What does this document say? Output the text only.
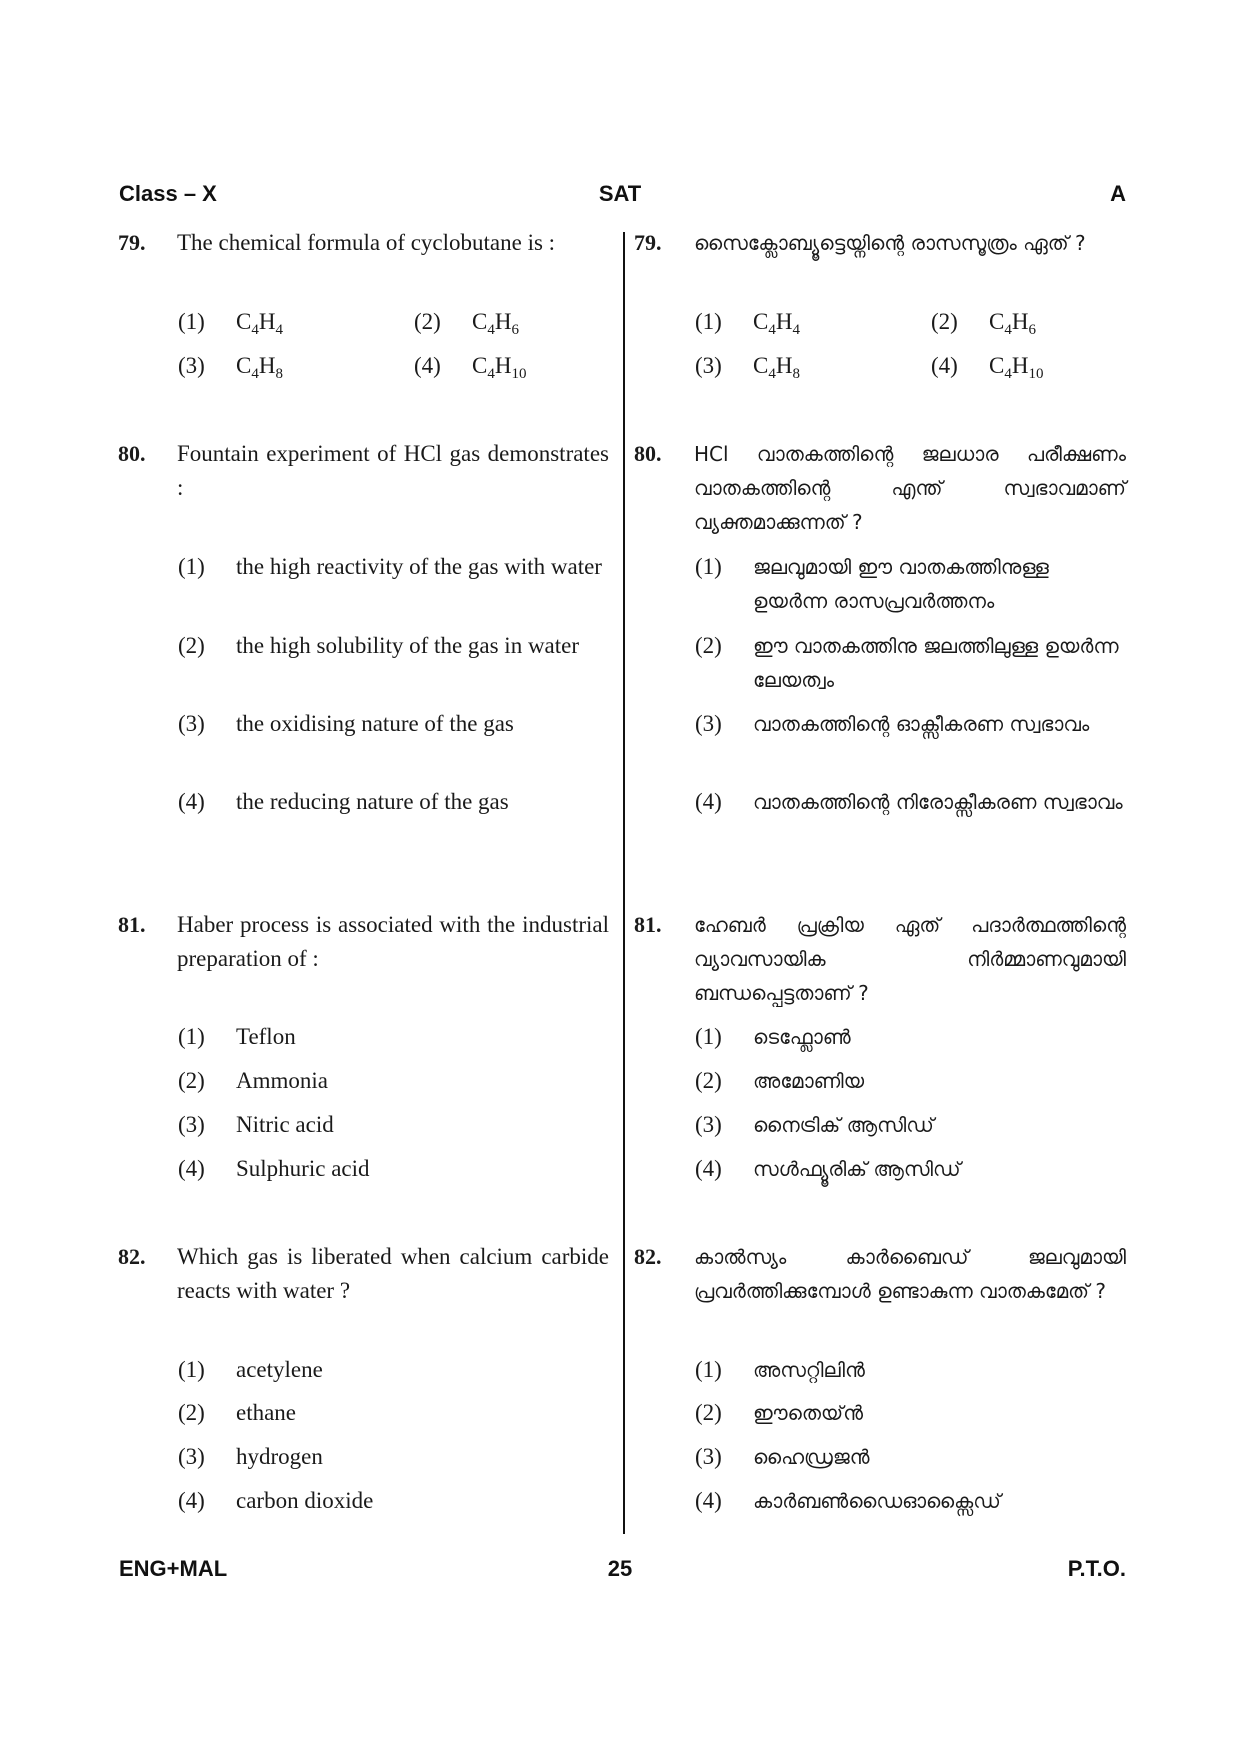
Class – X	SAT	A
79. The chemical formula of cyclobutane is :
(1) $C_4H_4$	(2) $C_4H_6$
(3) $C_4H_8$	(4) $C_4H_{10}$
79. സൈക്ലോബ്യൂട്ടെയ്നിന്റെ രാസസൂത്രം ഏത് ?
(1) $C_4H_4$	(2) $C_4H_6$
(3) $C_4H_8$	(4) $C_4H_{10}$
80. Fountain experiment of HCl gas demonstrates :
(1) the high reactivity of the gas with water
(2) the high solubility of the gas in water
(3) the oxidising nature of the gas
(4) the reducing nature of the gas
80. HCl വാതകത്തിന്റെ ജലധാര പരീക്ഷണം വാതകത്തിന്റെ എന്ത് സ്വഭാവമാണ് വ്യക്തമാക്കുന്നത് ?
(1) ജലവുമായി ഈ വാതകത്തിനുള്ള ഉയർന്ന രാസപ്രവർത്തനം
(2) ഈ വാതകത്തിനു ജലത്തിലുള്ള ഉയർന്ന ലേയത്വം
(3) വാതകത്തിന്റെ ഓക്സീകരണ സ്വഭാവം
(4) വാതകത്തിന്റെ നിരോക്സീകരണ സ്വഭാവം
81. Haber process is associated with the industrial preparation of :
(1) Teflon
(2) Ammonia
(3) Nitric acid
(4) Sulphuric acid
81. ഹേബർ പ്രക്രിയ ഏത് പദാർത്ഥത്തിന്റെ വ്യാവസായിക നിർമ്മാണവുമായി ബന്ധപ്പെട്ടതാണ് ?
(1) ടെഫ്ലോൺ
(2) അമോണിയ
(3) നൈട്രിക് ആസിഡ്
(4) സൾഫ്യൂരിക് ആസിഡ്
82. Which gas is liberated when calcium carbide reacts with water ?
(1) acetylene
(2) ethane
(3) hydrogen
(4) carbon dioxide
82. കാൽസ്യം കാർബൈഡ് ജലവുമായി പ്രവർത്തിക്കുമ്പോൾ ഉണ്ടാകുന്ന വാതകമേത് ?
(1) അസറ്റിലിൻ
(2) ഈതെയ്ൻ
(3) ഹൈഡ്രജൻ
(4) കാർബൺഡൈഓക്സൈഡ്
ENG+MAL	25	P.T.O.
